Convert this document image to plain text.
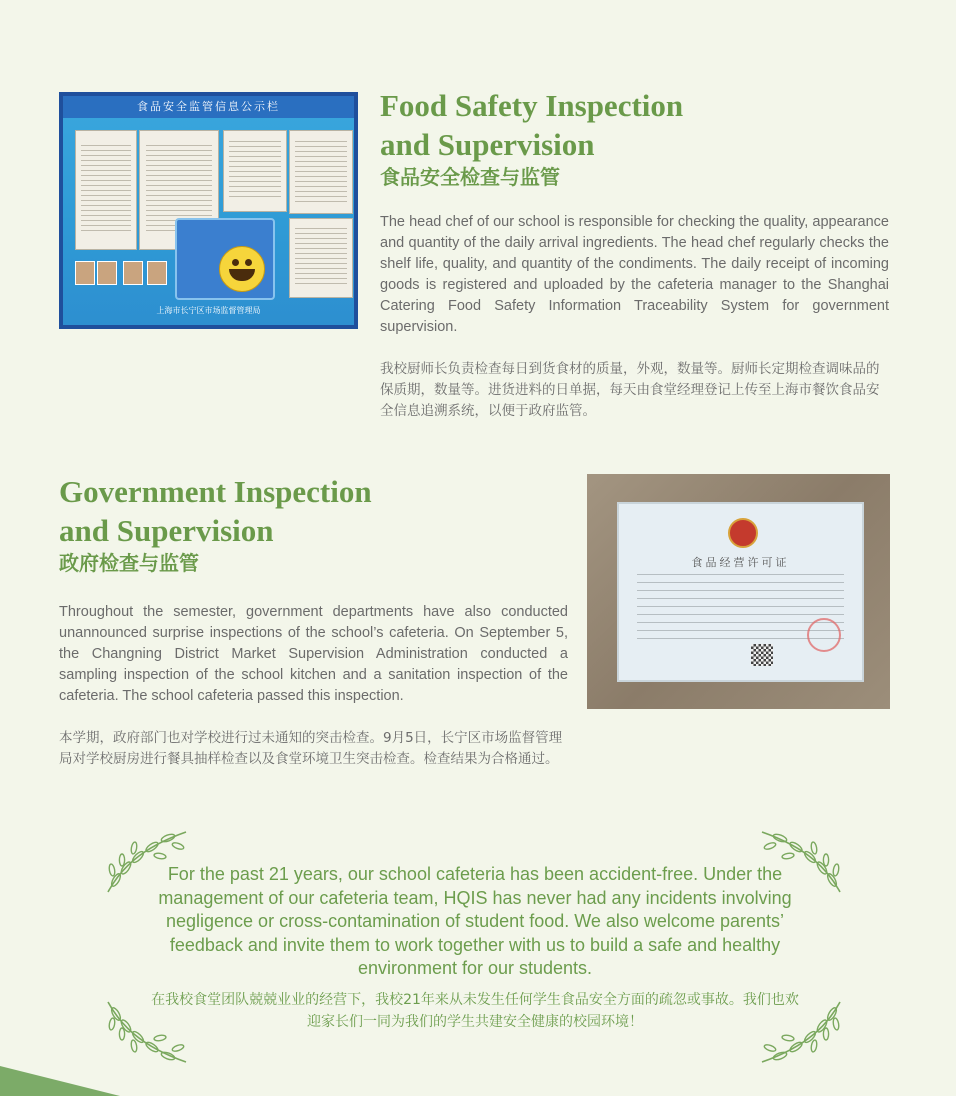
食品安全监管信息公示栏
上海市长宁区市场监督管理局

Food Safety Inspection

and Supervision

食品安全检查与监管

The head chef of our school is responsible for checking the quality, appearance and quantity of the daily arrival ingredients. The head chef regularly checks the shelf life, quality, and quantity of the condiments. The daily receipt of incoming goods is registered and uploaded by the cafeteria manager to the Shanghai Catering Food Safety Information Traceability System for government supervision.

我校厨师长负责检查每日到货食材的质量，外观，数量等。厨师长定期检查调味品的保质期，数量等。进货进料的日单据，每天由食堂经理登记上传至上海市餐饮食品安全信息追溯系统，以便于政府监管。

Government Inspection

and Supervision

政府检查与监管

Throughout the semester, government departments have also conducted unannounced surprise inspections of the school’s cafeteria. On September 5, the Changning District Market Supervision Administration conducted a sampling inspection of the school kitchen and a sanitation inspection of the cafeteria. The school cafeteria passed this inspection.

本学期，政府部门也对学校进行过未通知的突击检查。9月5日，长宁区市场监督管理局对学校厨房进行餐具抽样检查以及食堂环境卫生突击检查。检查结果为合格通过。

食品经营许可证

For the past 21 years, our school cafeteria has been accident-free. Under the management of our cafeteria team, HQIS has never had any incidents involving negligence or cross-contamination of student food. We also welcome parents’ feedback and invite them to work together with us to build a safe and healthy environment for our students.

在我校食堂团队兢兢业业的经营下，我校21年来从未发生任何学生食品安全方面的疏忽或事故。我们也欢迎家长们一同为我们的学生共建安全健康的校园环境！
